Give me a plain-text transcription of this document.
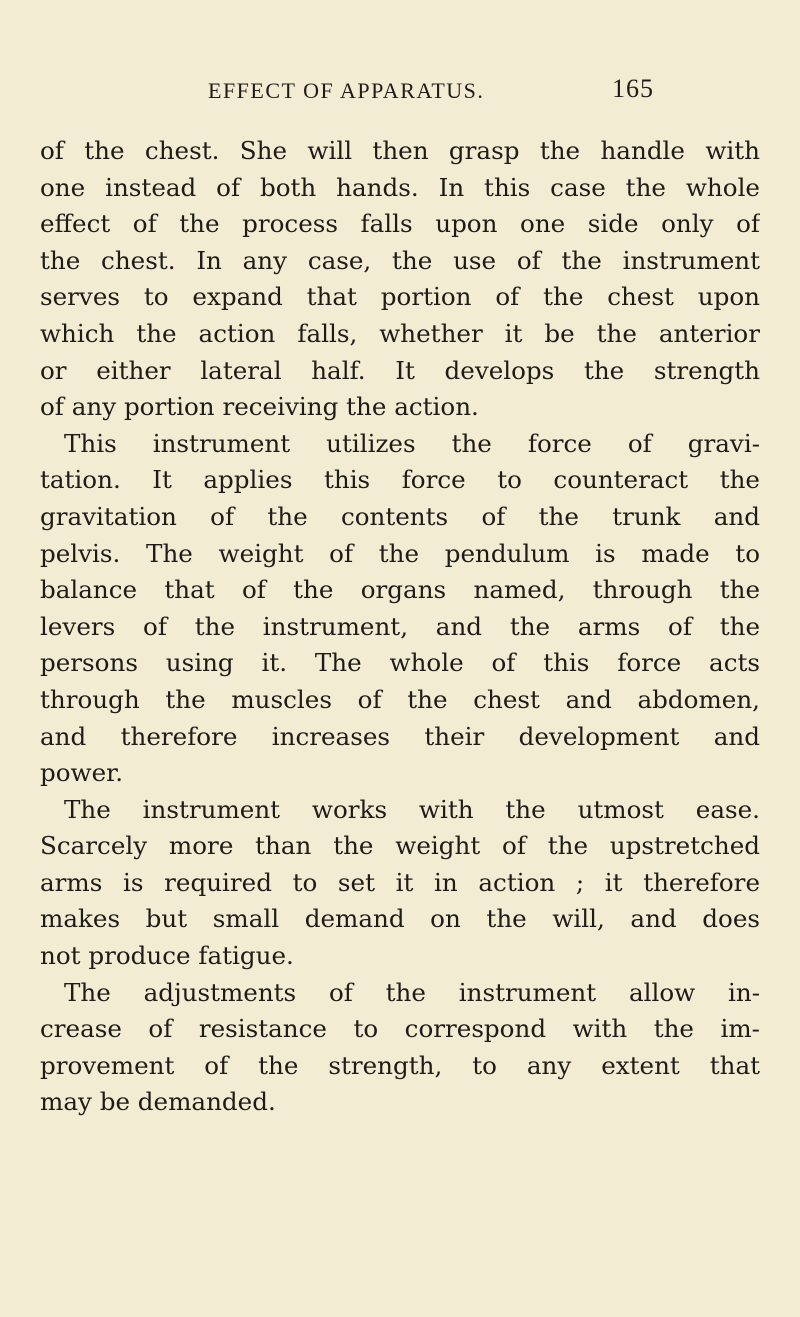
EFFECT OF APPARATUS.	165
of the chest. She will then grasp the handle with
one instead of both hands. In this case the whole
effect of the process falls upon one side only of
the chest. In any case, the use of the instrument
serves to expand that portion of the chest upon
which the action falls, whether it be the anterior
or either lateral half. It develops the strength
of any portion receiving the action.
This instrument utilizes the force of gravi-
tation. It applies this force to counteract the
gravitation of the contents of the trunk and
pelvis. The weight of the pendulum is made to
balance that of the organs named, through the
levers of the instrument, and the arms of the
persons using it. The whole of this force acts
through the muscles of the chest and abdomen,
and therefore increases their development and
power.
The instrument works with the utmost ease.
Scarcely more than the weight of the upstretched
arms is required to set it in action ; it therefore
makes but small demand on the will, and does
not produce fatigue.
The adjustments of the instrument allow in-
crease of resistance to correspond with the im-
provement of the strength, to any extent that
may be demanded.
